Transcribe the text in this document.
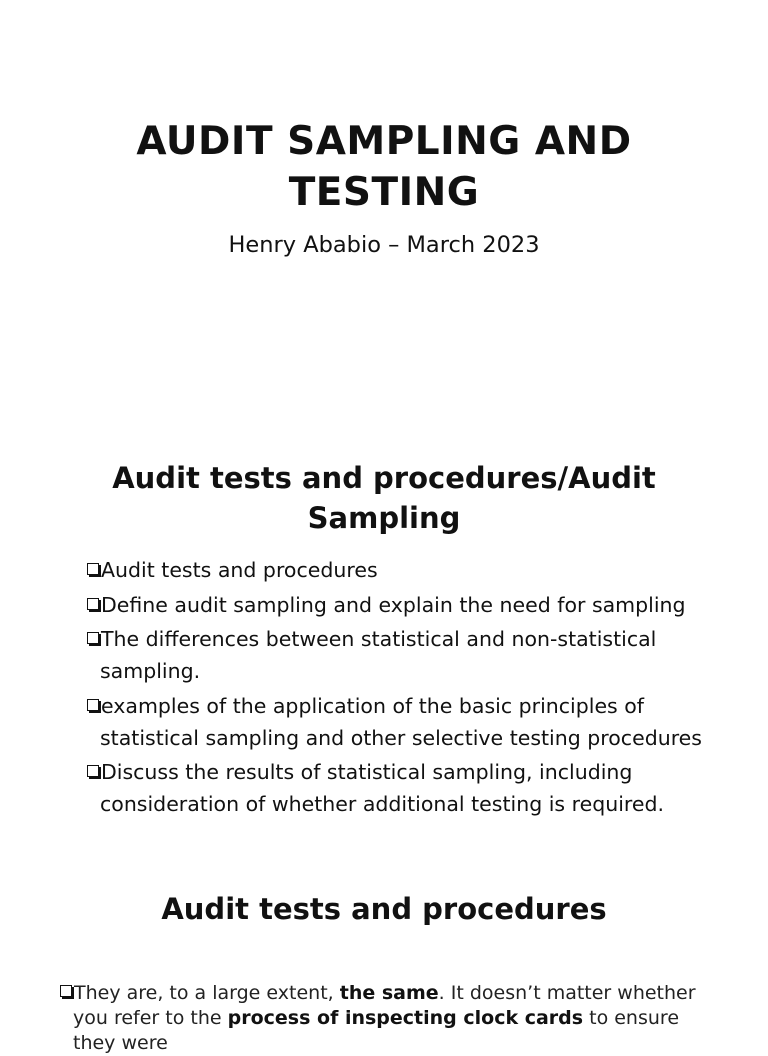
AUDIT SAMPLING AND
TESTING
Henry Ababio – March 2023
Audit tests and procedures/Audit
Sampling
Audit tests and procedures
Define audit sampling and explain the need for sampling
The differences between statistical and non-statistical sampling.
examples of the application of the basic principles of statistical sampling and other selective testing procedures
Discuss the results of statistical sampling, including consideration of whether additional testing is required.
Audit tests and procedures
They are, to a large extent, the same. It doesn’t matter whether you refer to the process of inspecting clock cards to ensure they were
